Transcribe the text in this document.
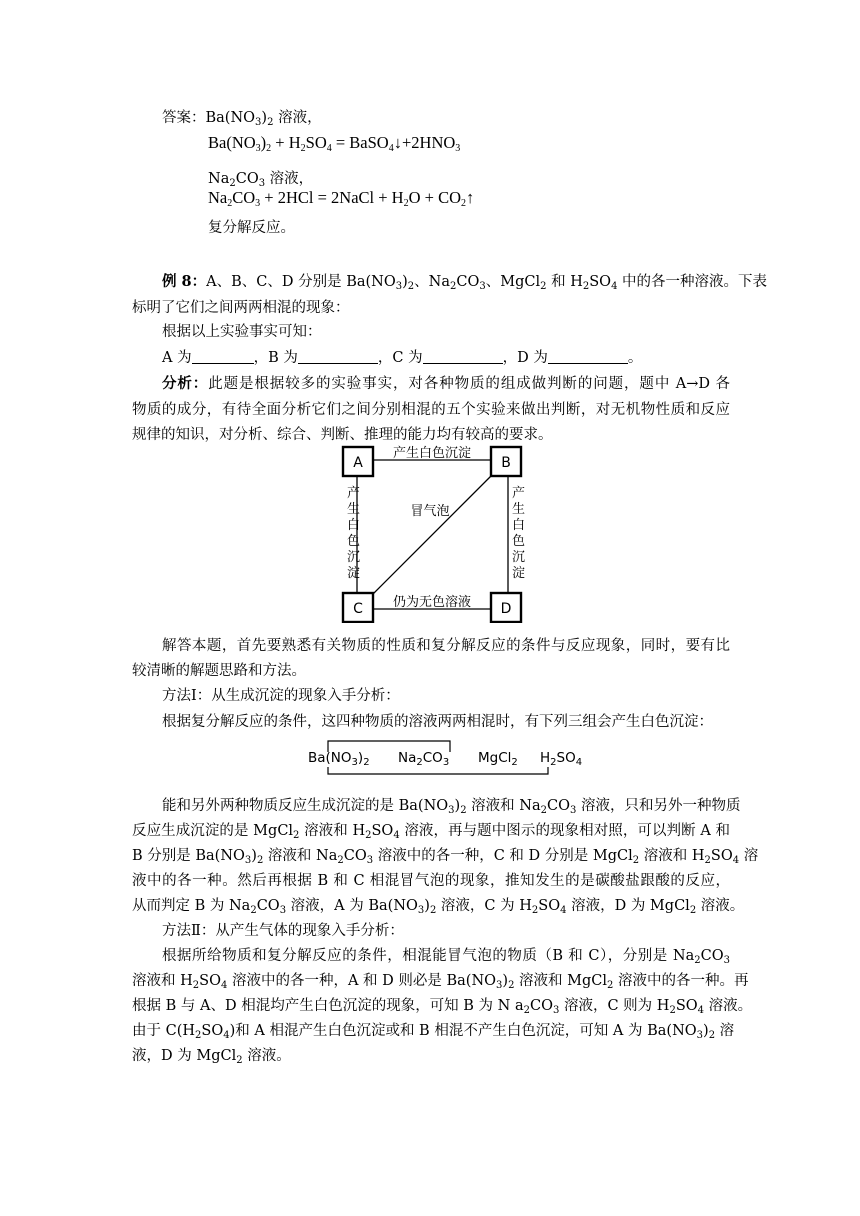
答案：$Ba(NO_3)_2$ 溶液，
$Ba(NO_3)_2 + H_2SO_4$ = $BaSO_4↓+2HNO_3$
$Na_2CO_3$ 溶液，
$Na_2CO_3 + 2HCl$ = 2NaCl + $H_2O$ + $CO_2↑$
复分解反应。
例 8：A、B、C、D 分别是 $Ba(NO_3)_2$、$Na_2CO_3$、MgCl$_2$ 和 $H_2SO_4$ 中的各一种溶液。下表
标明了它们之间两两相混的现象：
根据以上实验事实可知：
A 为	，B 为	，C 为	，D 为	。
分析：此题是根据较多的实验事实，对各种物质的组成做判断的问题，题中 A→D 各
物质的成分，有待全面分析它们之间分别相混的五个实验来做出判断，对无机物性质和反应
规律的知识，对分析、综合、判断、推理的能力均有较高的要求。
A	B
C	D
产生白色沉淀
仍为无色溶液
冒气泡
产生白色沉淀
产生白色沉淀
解答本题，首先要熟悉有关物质的性质和复分解反应的条件与反应现象，同时，要有比
较清晰的解题思路和方法。
方法Ⅰ：从生成沉淀的现象入手分析：
根据复分解反应的条件，这四种物质的溶液两两相混时，有下列三组会产生白色沉淀：
$Ba(NO_3)_2$ $Na_2CO_3$ MgCl$_2$ $H_2SO_4$
能和另外两种物质反应生成沉淀的是 $Ba(NO_3)_2$ 溶液和 $Na_2CO_3$ 溶液，只和另外一种物质
反应生成沉淀的是 MgCl$_2$ 溶液和 $H_2SO_4$ 溶液，再与题中图示的现象相对照，可以判断 A 和
B 分别是 $Ba(NO_3)_2$ 溶液和 $Na_2CO_3$ 溶液中的各一种，C 和 D 分别是 MgCl$_2$ 溶液和 $H_2SO_4$ 溶
液中的各一种。然后再根据 B 和 C 相混冒气泡的现象，推知发生的是碳酸盐跟酸的反应，
从而判定 B 为 $Na_2CO_3$ 溶液，A 为 $Ba(NO_3)_2$ 溶液，C 为 $H_2SO_4$ 溶液，D 为 MgCl$_2$ 溶液。
方法Ⅱ：从产生气体的现象入手分析：
根据所给物质和复分解反应的条件，相混能冒气泡的物质（B 和 C），分别是 $Na_2CO_3$
溶液和 $H_2SO_4$ 溶液中的各一种，A 和 D 则必是 $Ba(NO_3)_2$ 溶液和 MgCl$_2$ 溶液中的各一种。再
根据 B 与 A、D 相混均产生白色沉淀的现象，可知 B 为 N $a_2CO_3$ 溶液，C 则为 $H_2SO_4$ 溶液。
由于 $C(H_2SO_4)$和 A 相混产生白色沉淀或和 B 相混不产生白色沉淀，可知 A 为 $Ba(NO_3)_2$ 溶
液，D 为 MgCl$_2$ 溶液。
